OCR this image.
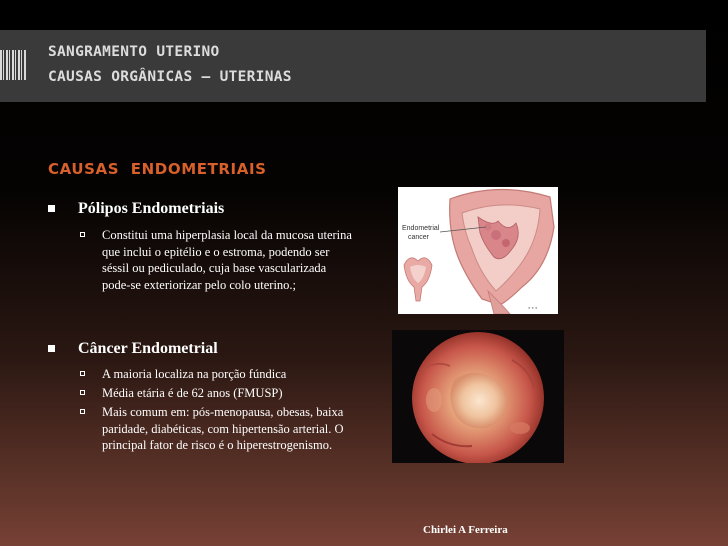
SANGRAMENTO UTERINO
CAUSAS ORGÂNICAS – UTERINAS
CAUSAS  ENDOMETRIAIS
Pólipos Endometriais
Constitui uma hiperplasia local da mucosa uterina que inclui o epitélio e o estroma, podendo ser séssil ou pediculado, cuja base vascularizada pode-se exteriorizar pelo colo uterino.;
Câncer Endometrial
A maioria localiza na porção fúndica
Média etária é de 62 anos (FMUSP)
Mais comum em: pós-menopausa, obesas, baixa paridade, diabéticas, com hipertensão arterial. O principal fator de risco é o hiperestrogenismo.
Endometrial
cancer
● ● ●
Chirlei A Ferreira
